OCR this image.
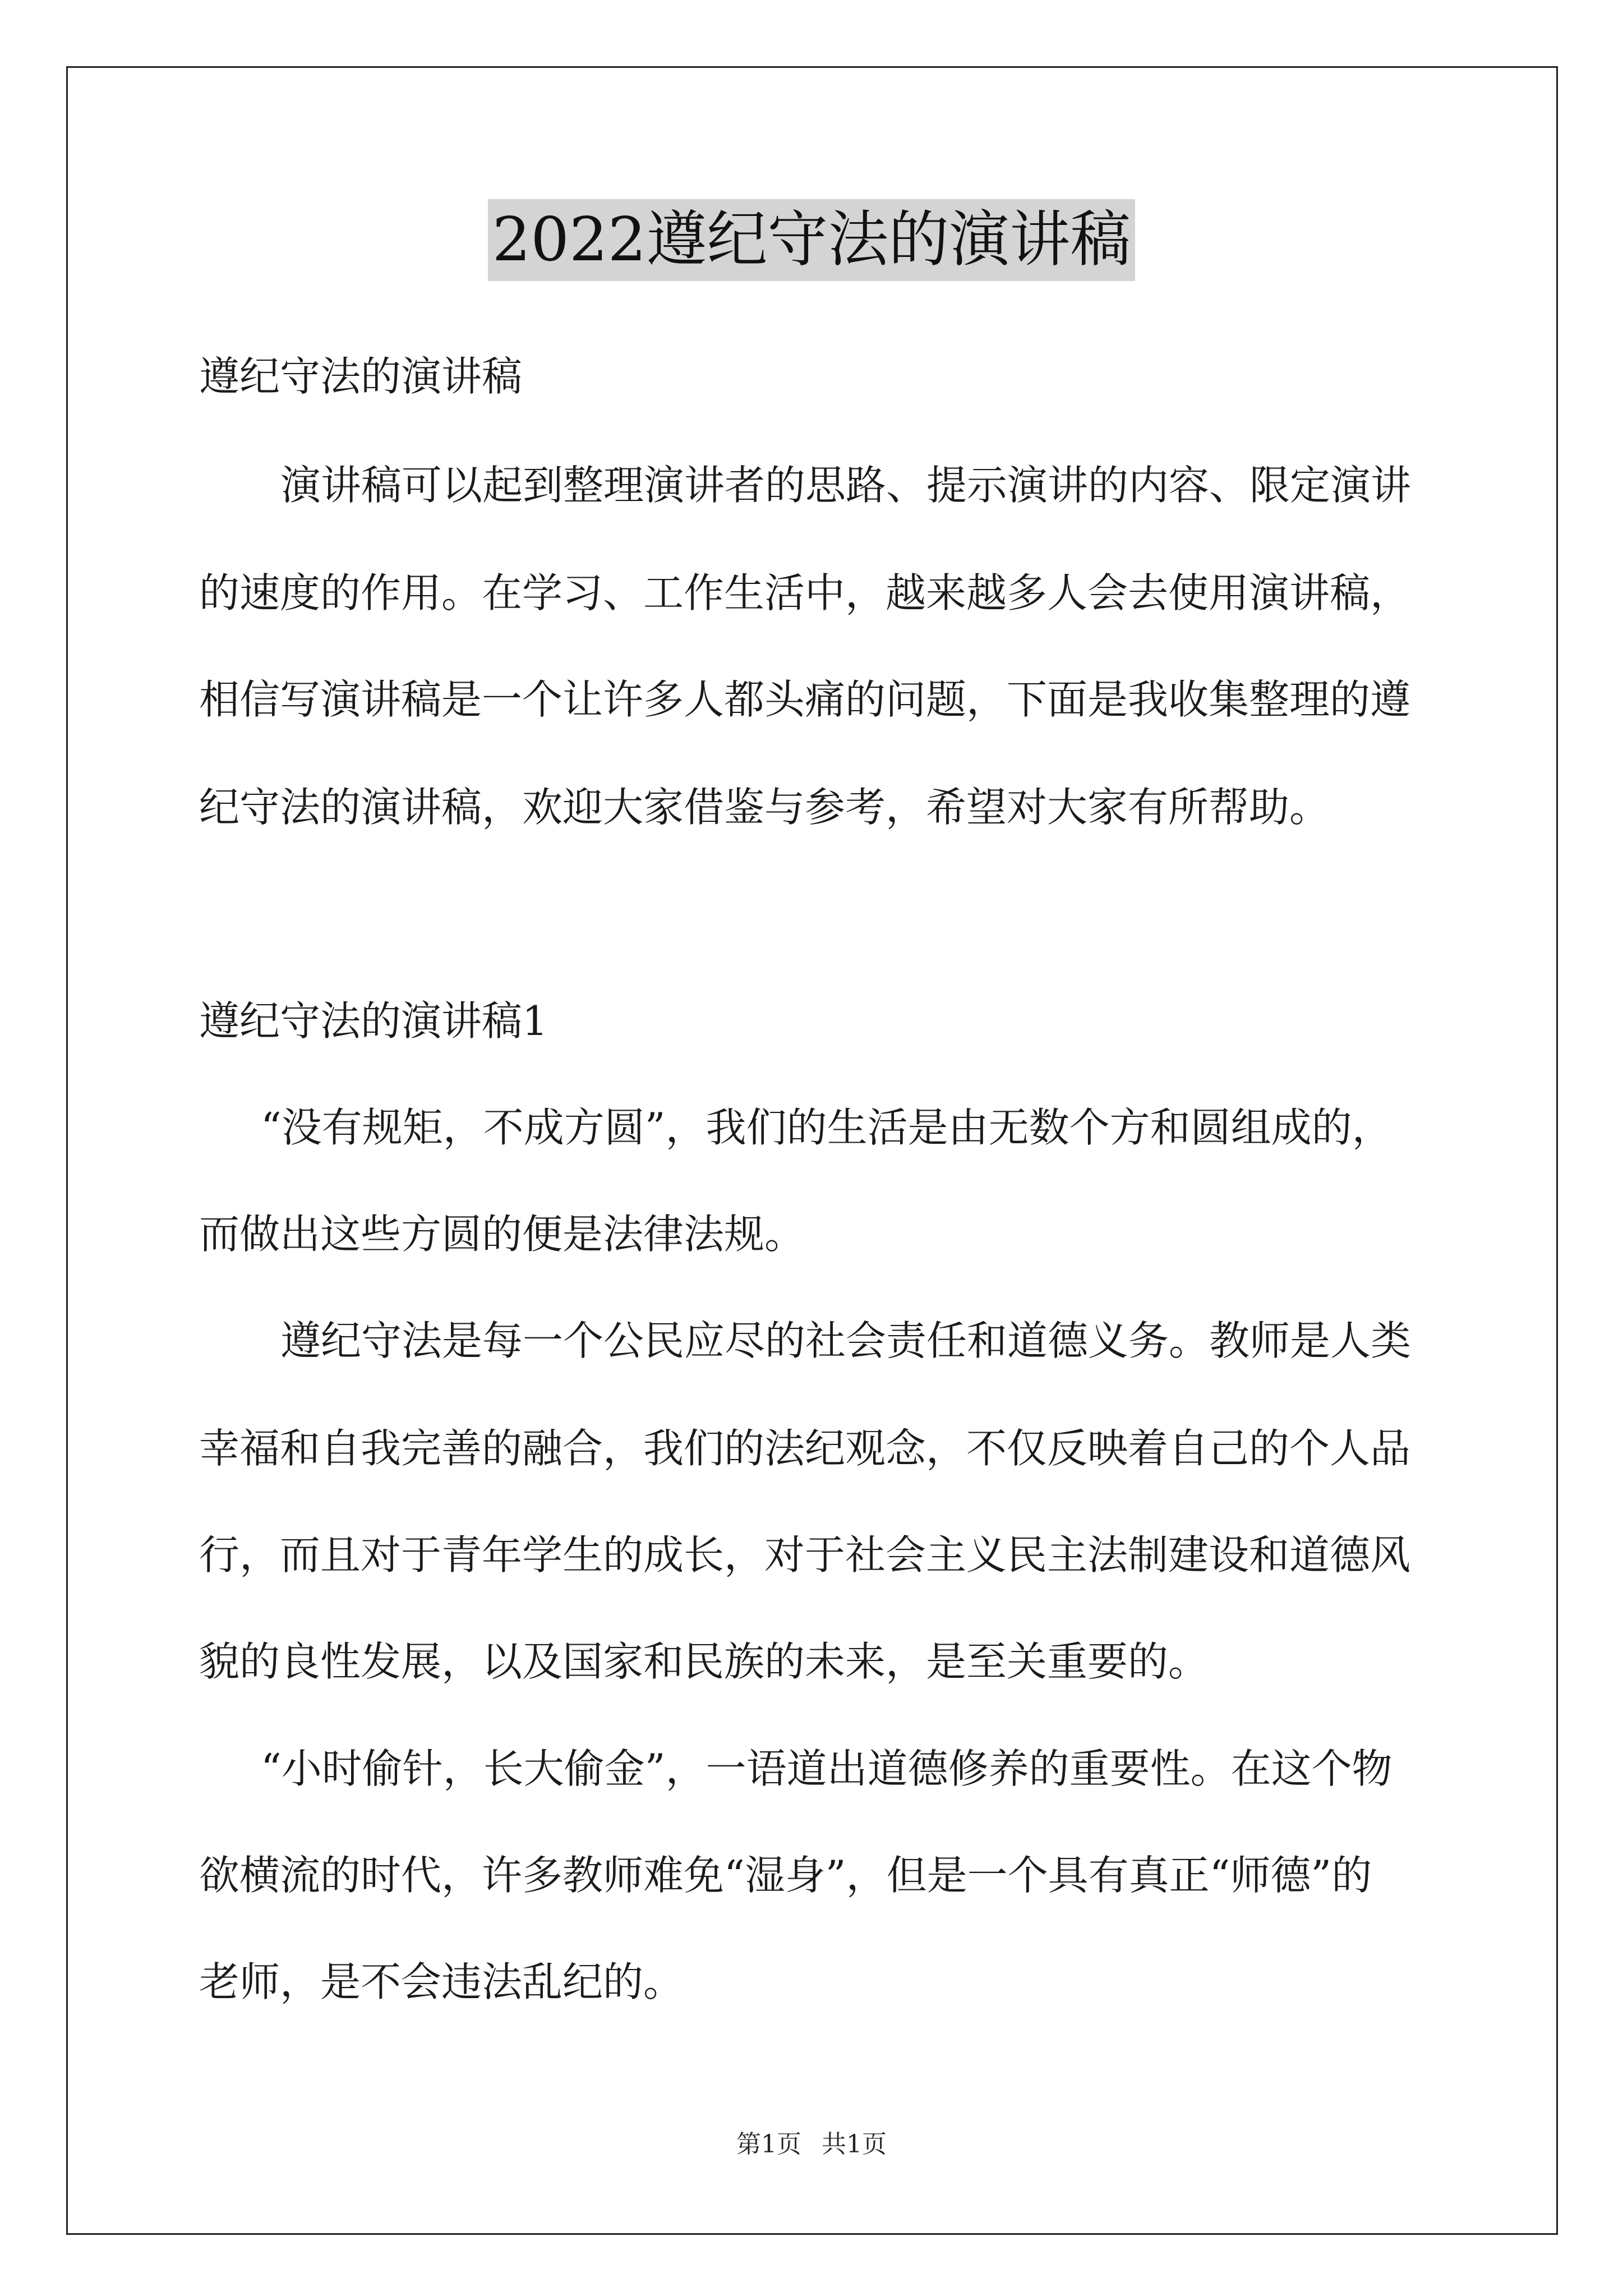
2022遵纪守法的演讲稿
遵纪守法的演讲稿
演讲稿可以起到整理演讲者的思路、提示演讲的内容、限定演讲
的速度的作用。在学习、工作生活中，越来越多人会去使用演讲稿，
相信写演讲稿是一个让许多人都头痛的问题，下面是我收集整理的遵
纪守法的演讲稿，欢迎大家借鉴与参考，希望对大家有所帮助。
遵纪守法的演讲稿1
“没有规矩，不成方圆”，我们的生活是由无数个方和圆组成的，
而做出这些方圆的便是法律法规。
遵纪守法是每一个公民应尽的社会责任和道德义务。教师是人类
幸福和自我完善的融合，我们的法纪观念，不仅反映着自己的个人品
行，而且对于青年学生的成长，对于社会主义民主法制建设和道德风
貌的良性发展，以及国家和民族的未来，是至关重要的。
“小时偷针，长大偷金”，一语道出道德修养的重要性。在这个物
欲横流的时代，许多教师难免“湿身”，但是一个具有真正“师德”的
老师，是不会违法乱纪的。
第1页 共1页
